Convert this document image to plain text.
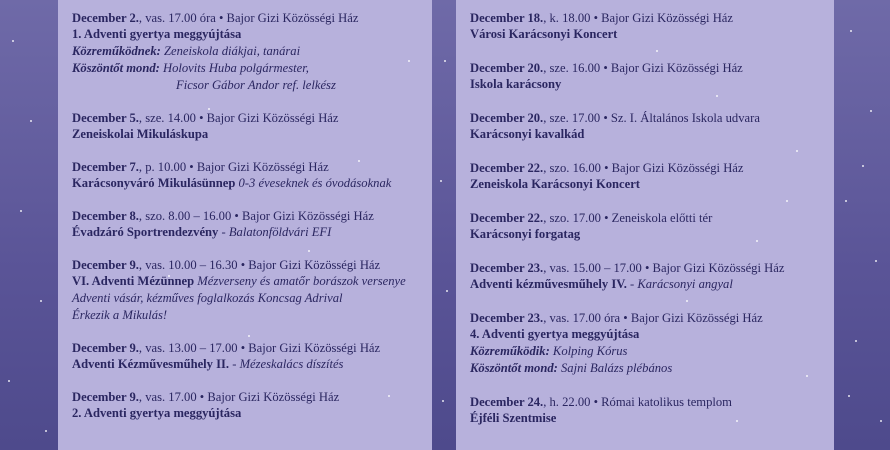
December 2., vas. 17.00 óra • Bajor Gizi Közösségi Ház
1. Adventi gyertya meggyújtása
Közreműködnek: Zeneiskola diákjai, tanárai
Köszöntőt mond: Holovits Huba polgármester,
Ficsor Gábor Andor ref. lelkész
December 5., sze. 14.00 • Bajor Gizi Közösségi Ház
Zeneiskolai Mikuláskupa
December 7., p. 10.00 • Bajor Gizi Közösségi Ház
Karácsonyváró Mikulásünnep 0-3 éveseknek és óvodásoknak
December 8., szo. 8.00 – 16.00 • Bajor Gizi Közösségi Ház
Évadzáró Sportrendezvény - Balatonföldvári EFI
December 9., vas. 10.00 – 16.30 • Bajor Gizi Közösségi Ház
VI. Adventi Mézünnep Mézverseny és amatőr borászok versenye
Adventi vásár, kézműves foglalkozás Koncsag Adrival
Érkezik a Mikulás!
December 9., vas. 13.00 – 17.00 • Bajor Gizi Közösségi Ház
Adventi Kézművesműhely II. - Mézeskalács díszítés
December 9., vas. 17.00 • Bajor Gizi Közösségi Ház
2. Adventi gyertya meggyújtása
December 18., k. 18.00 • Bajor Gizi Közösségi Ház
Városi Karácsonyi Koncert
December 20., sze. 16.00 • Bajor Gizi Közösségi Ház
Iskola karácsony
December 20., sze. 17.00 • Sz. I. Általános Iskola udvara
Karácsonyi kavalkád
December 22., szo. 16.00 • Bajor Gizi Közösségi Ház
Zeneiskola Karácsonyi Koncert
December 22., szo. 17.00 • Zeneiskola előtti tér
Karácsonyi forgatag
December 23., vas. 15.00 – 17.00 • Bajor Gizi Közösségi Ház
Adventi kézművesműhely IV. - Karácsonyi angyal
December 23., vas. 17.00 óra • Bajor Gizi Közösségi Ház
4. Adventi gyertya meggyújtása
Közreműködik: Kolping Kórus
Köszöntőt mond: Sajni Balázs plébános
December 24., h. 22.00 • Római katolikus templom
Éjféli Szentmise
